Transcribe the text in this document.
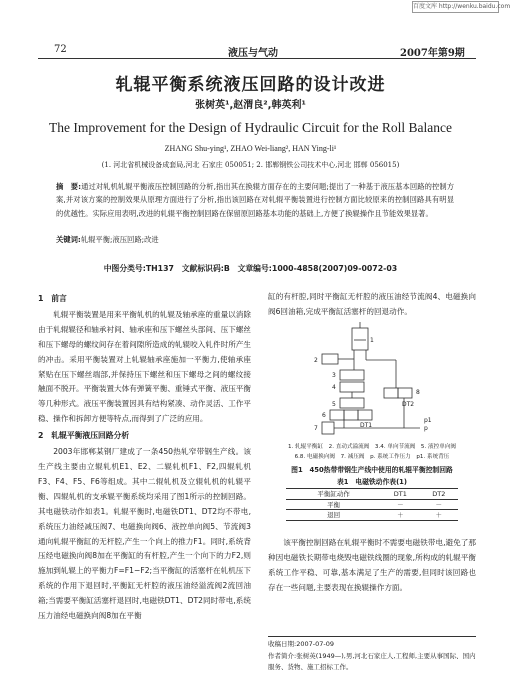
百度文库 http://wenku.baidu.com
72	液压与气动	2007年第9期
轧辊平衡系统液压回路的设计改进
张树英¹,赵渭良²,韩英利¹
The Improvement for the Design of Hydraulic Circuit for the Roll Balance
ZHANG Shu-ying¹, ZHAO Wei-liang², HAN Ying-li¹
(1. 河北省机械设备成套局,河北 石家庄 050051; 2. 邯郸钢铁公司技术中心,河北 邯郸 056015)
摘　要:通过对轧机轧辊平衡液压控制回路的分析,指出其在换辊方面存在的主要问题;提出了一种基于液压基本回路的控制方案,并对该方案的控制效果从原理方面进行了分析,指出该回路在对轧辊平衡装置进行控制方面比较原来的控制回路具有明显的优越性。实际应用表明,改进的轧辊平衡控制回路在保留原回路基本功能的基础上,方便了换辊操作且节能效果显著。
关键词:轧辊平衡;液压回路;改进
中图分类号:TH137　文献标识码:B　文章编号:1000-4858(2007)09-0072-03
1　前言

轧辊平衡装置是用来平衡轧机的轧辊及轴承座的重量以消除由于轧辊辊径和轴承衬间、轴承座和压下螺丝头部间、压下螺丝和压下螺母的螺纹间存在着间隙所造成的轧辊咬入轧件时所产生的冲击。采用平衡装置对上轧辊轴承座施加一平衡力,使轴承座紧贴在压下螺丝端部,并保持压下螺丝和压下螺母之间的螺纹接触面不脱开。平衡装置大体有弹簧平衡、重锤式平衡、液压平衡等几种形式。液压平衡装置因具有结构紧凑、动作灵活、工作平稳、操作和拆卸方便等特点,而得到了广泛的应用。

2　轧辊平衡液压回路分析

2003年邯郸某钢厂建成了一条450热轧窄带钢生产线。该生产线主要由立辊轧机E1、E2、二辊轧机F1、F2,四辊轧机F3、F4、F5、F6等组成。其中二辊轧机及立辊轧机的轧辊平衡、四辊轧机的支承辊平衡系统均采用了图1所示的控制回路。其电磁铁动作如表1。轧辊平衡时,电磁铁DT1、DT2均不带电,系统压力油经减压阀7、电磁换向阀6、液控单向阀5、节流阀3通向轧辊平衡缸的无杆腔,产生一个向上的推力F1。同时,系统背压经电磁换向阀8加在平衡缸的有杆腔,产生一个向下的力F2,则施加到轧辊上的平衡力F=F1−F2;当平衡缸的活塞杆在轧机压下系统的作用下退回时,平衡缸无杆腔的液压油经溢流阀2流回油箱;当需要平衡缸活塞杆退回时,电磁铁DT1、DT2同时带电,系统压力油经电磁换向阀8加在平衡

缸的有杆腔,同时平衡缸无杆腔的液压油经节流阀4、电磁换向阀6回油箱,完成平衡缸活塞杆的回退动作。

1
2
3
4
5
6
7
8
DT1
DT2
p
p1
1. 轧辊平衡缸　2. 直动式溢流阀　3.4. 单向节流阀　5. 液控单向阀
6.8. 电磁换向阀　7. 减压阀　p. 系统工作压力　p1. 系统背压
图1　450热带带钢生产线中使用的轧辊平衡控制回路
表1　电磁铁动作表(1)
平衡缸动作	DT1	DT2
平衡	－	－
退回	＋	＋

该平衡控制回路在轧辊平衡时不需要电磁铁带电,避免了那种因电磁铁长期带电烧毁电磁铁线圈的现象,所构成的轧辊平衡系统工作平稳、可靠,基本满足了生产的需要,但同时该回路也存在一些问题,主要表现在换辊操作方面。

收稿日期:2007-07-09
作者简介:张树英(1949—),男,河北石家庄人,工程师,主要从事国际、国内服务、货物、施工招标工作。
